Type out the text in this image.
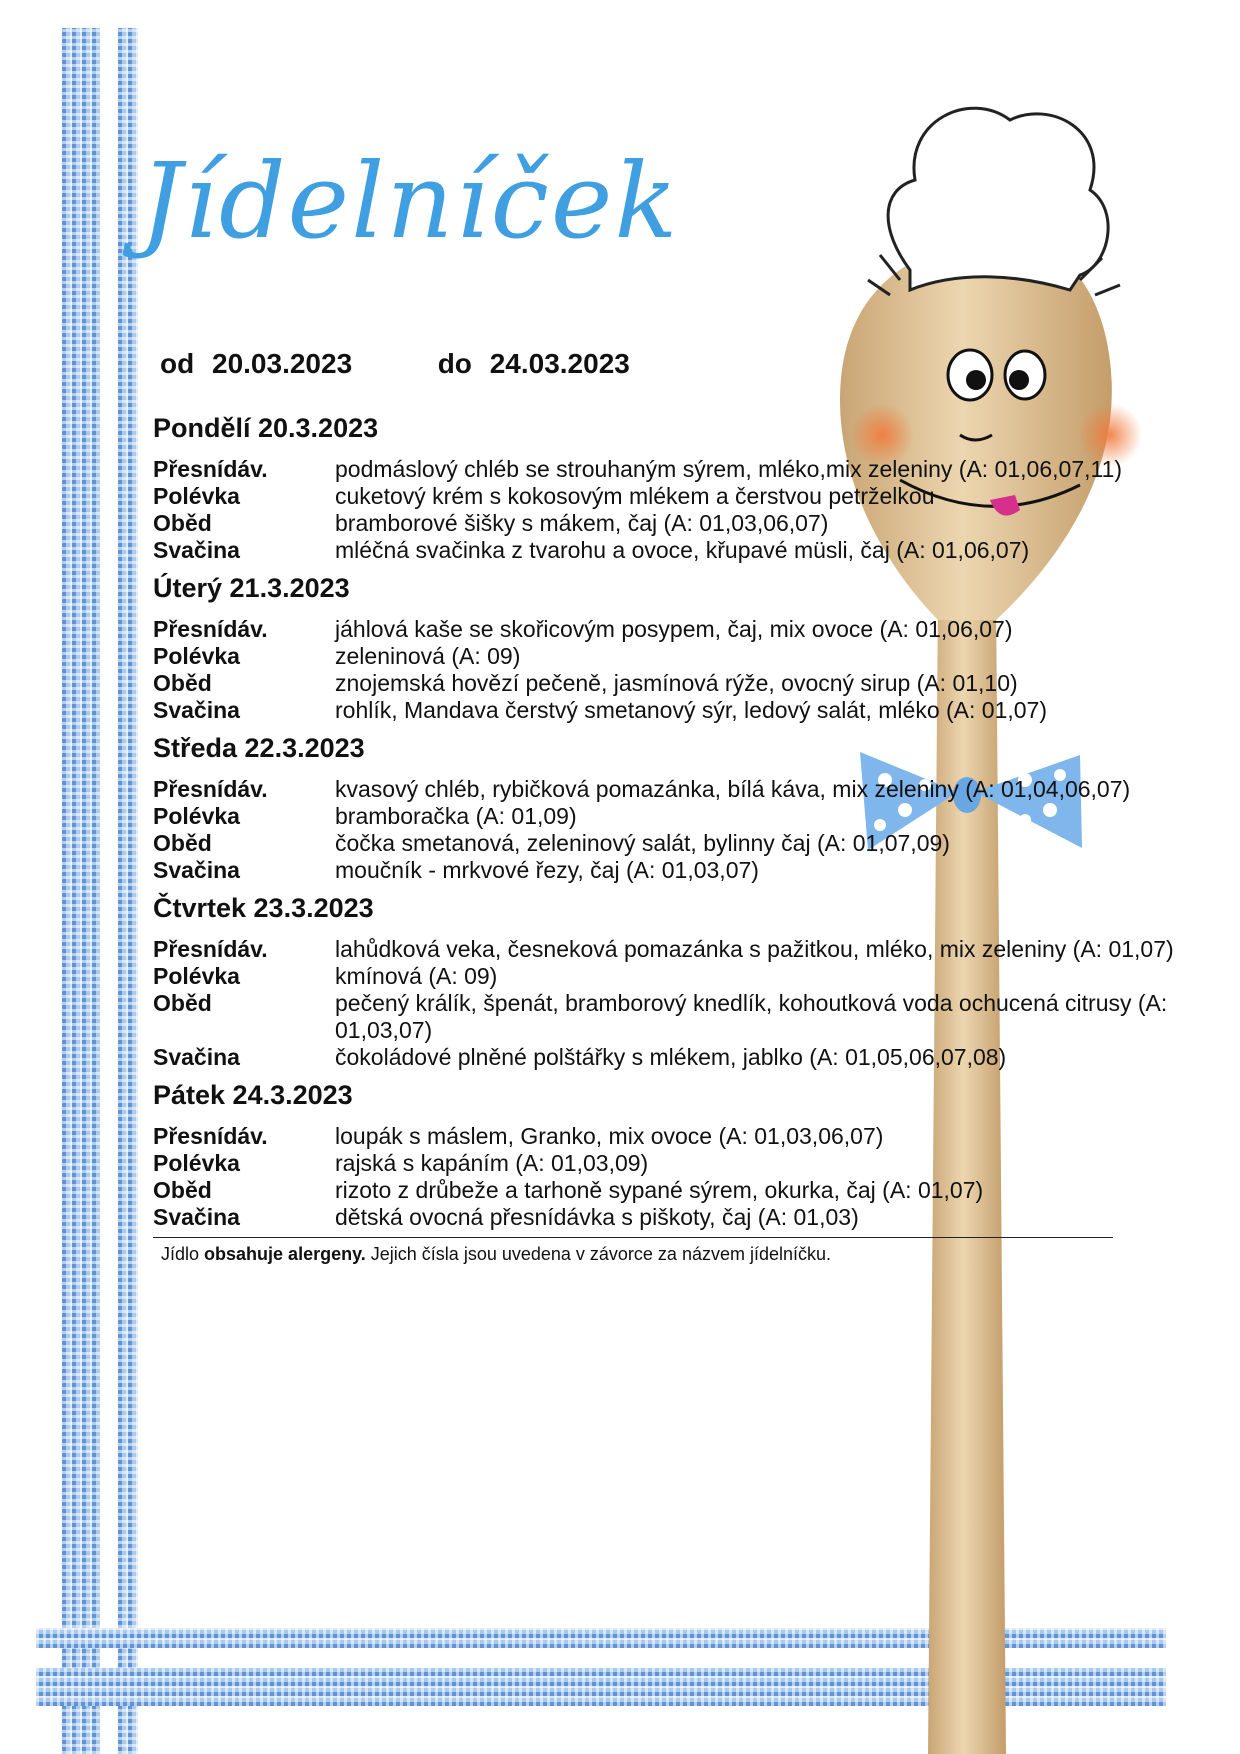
Jídelníček
od 20.03.2023	do 24.03.2023
Pondělí 20.3.2023
Přesnídáv.	podmáslový chléb se strouhaným sýrem, mléko,mix zeleniny (A: 01,06,07,11)
Polévka	cuketový krém s kokosovým mlékem a čerstvou petrželkou
Oběd	bramborové šišky s mákem, čaj (A: 01,03,06,07)
Svačina	mléčná svačinka z tvarohu a ovoce, křupavé müsli, čaj (A: 01,06,07)
Úterý 21.3.2023
Přesnídáv.	jáhlová kaše se skořicovým posypem, čaj, mix ovoce (A: 01,06,07)
Polévka	zeleninová (A: 09)
Oběd	znojemská hovězí pečeně, jasmínová rýže, ovocný sirup (A: 01,10)
Svačina	rohlík, Mandava čerstvý smetanový sýr, ledový salát, mléko (A: 01,07)
Středa 22.3.2023
Přesnídáv.	kvasový chléb, rybičková pomazánka, bílá káva, mix zeleniny (A: 01,04,06,07)
Polévka	bramboračka (A: 01,09)
Oběd	čočka smetanová, zeleninový salát, bylinny čaj (A: 01,07,09)
Svačina	moučník - mrkvové řezy, čaj (A: 01,03,07)
Čtvrtek 23.3.2023
Přesnídáv.	lahůdková veka, česneková pomazánka s pažitkou, mléko, mix zeleniny (A: 01,07)
Polévka	kmínová (A: 09)
Oběd	pečený králík, špenát, bramborový knedlík, kohoutková voda ochucená citrusy (A: 01,03,07)
Svačina	čokoládové plněné polštářky s mlékem, jablko (A: 01,05,06,07,08)
Pátek 24.3.2023
Přesnídáv.	loupák s máslem, Granko, mix ovoce (A: 01,03,06,07)
Polévka	rajská s kapáním (A: 01,03,09)
Oběd	rizoto z drůbeže a tarhoně sypané sýrem, okurka, čaj (A: 01,07)
Svačina	dětská ovocná přesnídávka s piškoty, čaj (A: 01,03)
Jídlo obsahuje alergeny. Jejich čísla jsou uvedena v závorce za názvem jídelníčku.
